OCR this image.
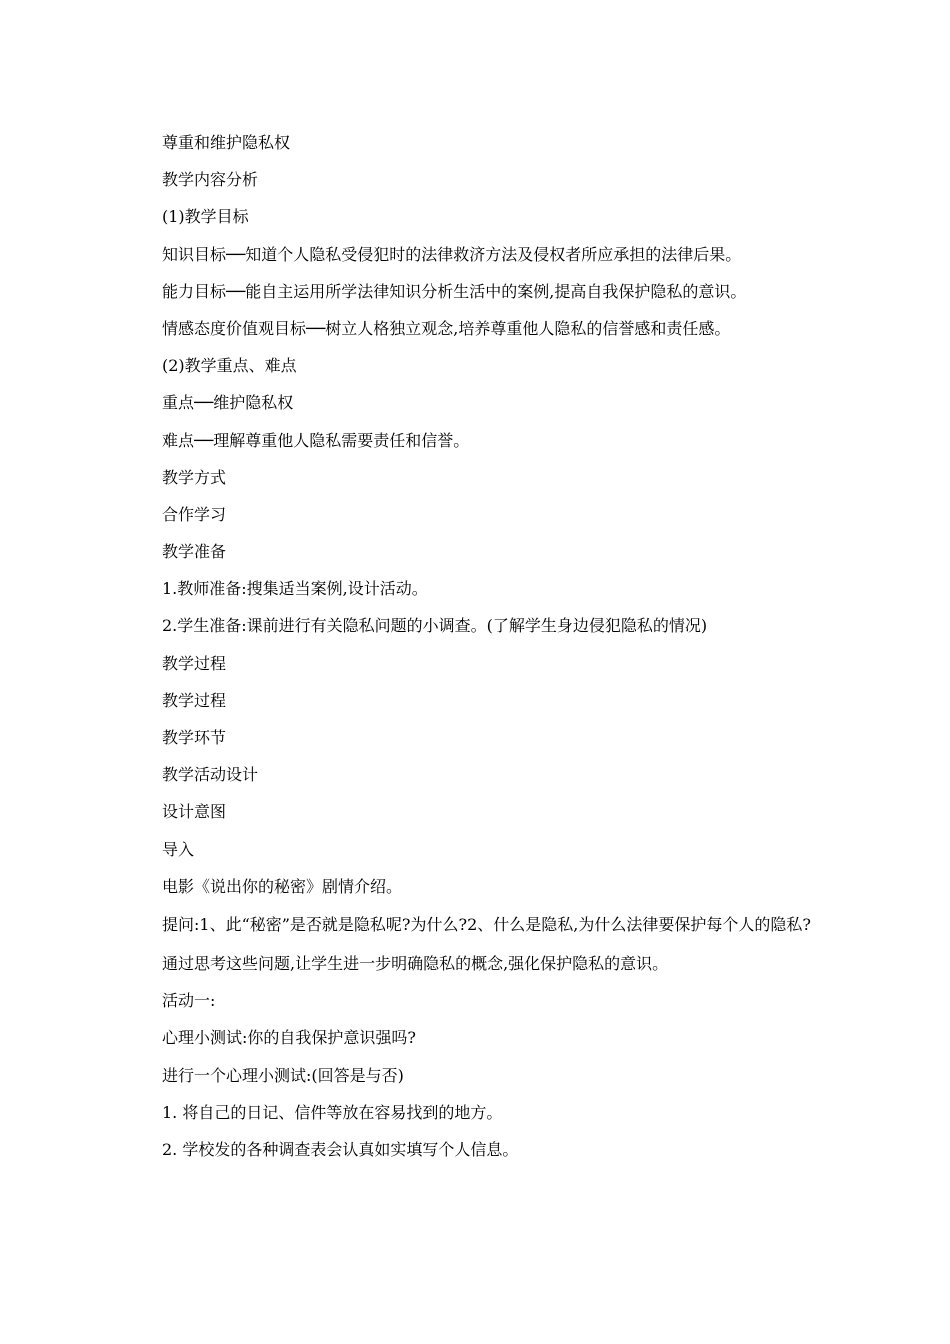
尊重和维护隐私权

教学内容分析

(1)教学目标

知识目标──知道个人隐私受侵犯时的法律救济方法及侵权者所应承担的法律后果。

能力目标──能自主运用所学法律知识分析生活中的案例,提高自我保护隐私的意识。

情感态度价值观目标──树立人格独立观念,培养尊重他人隐私的信誉感和责任感。

(2)教学重点、难点

重点──维护隐私权

难点──理解尊重他人隐私需要责任和信誉。

教学方式

合作学习

教学准备

1.教师准备:搜集适当案例,设计活动。

2.学生准备:课前进行有关隐私问题的小调查。(了解学生身边侵犯隐私的情况)

教学过程

教学过程

教学环节

教学活动设计

设计意图

导入

电影《说出你的秘密》剧情介绍。

提问:1、此“秘密”是否就是隐私呢?为什么?2、什么是隐私,为什么法律要保护每个人的隐私?

通过思考这些问题,让学生进一步明确隐私的概念,强化保护隐私的意识。

活动一:

心理小测试:你的自我保护意识强吗?

进行一个心理小测试:(回答是与否)

1. 将自己的日记、信件等放在容易找到的地方。

2. 学校发的各种调查表会认真如实填写个人信息。
